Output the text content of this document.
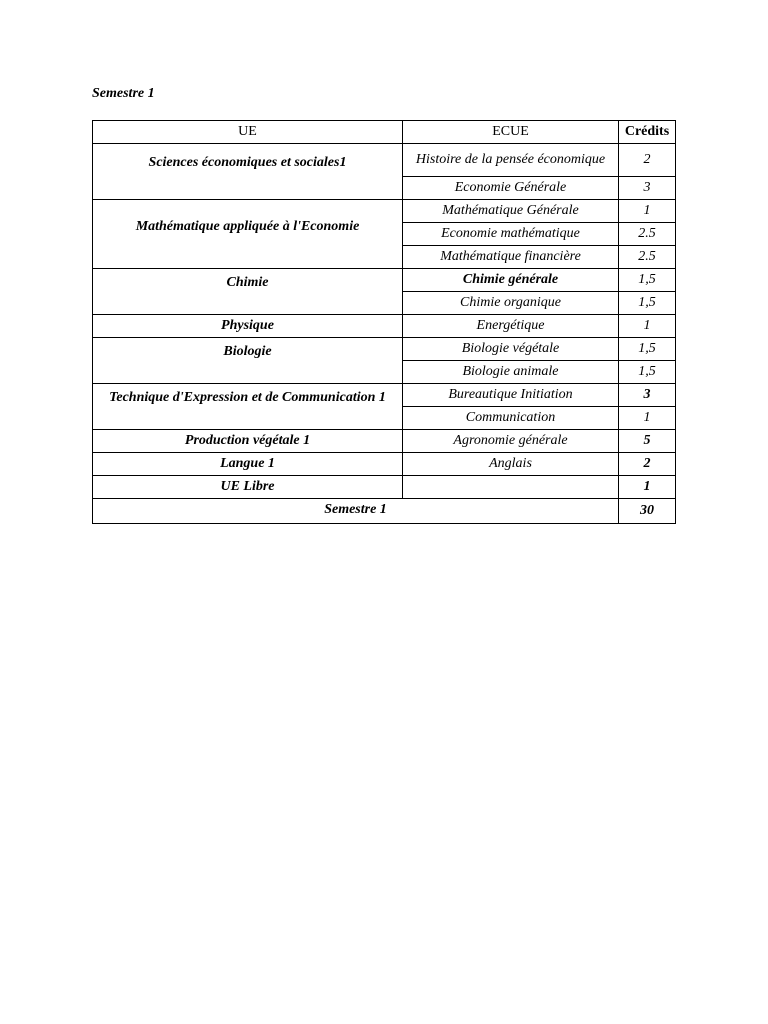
Semestre 1
UE	ECUE	Crédits
Sciences économiques et sociales1	Histoire de la pensée économique	2
	Economie Générale	3
Mathématique appliquée à l'Economie	Mathématique Générale	1
	Economie mathématique	2.5
	Mathématique financière	2.5
Chimie	Chimie générale	1,5
	Chimie organique	1,5
Physique	Energétique	1
Biologie	Biologie végétale	1,5
	Biologie animale	1,5
Technique d'Expression et de Communication 1	Bureautique Initiation	3
	Communication	1
Production végétale 1	Agronomie générale	5
Langue 1	Anglais	2
UE Libre		1
Semestre 1		30
